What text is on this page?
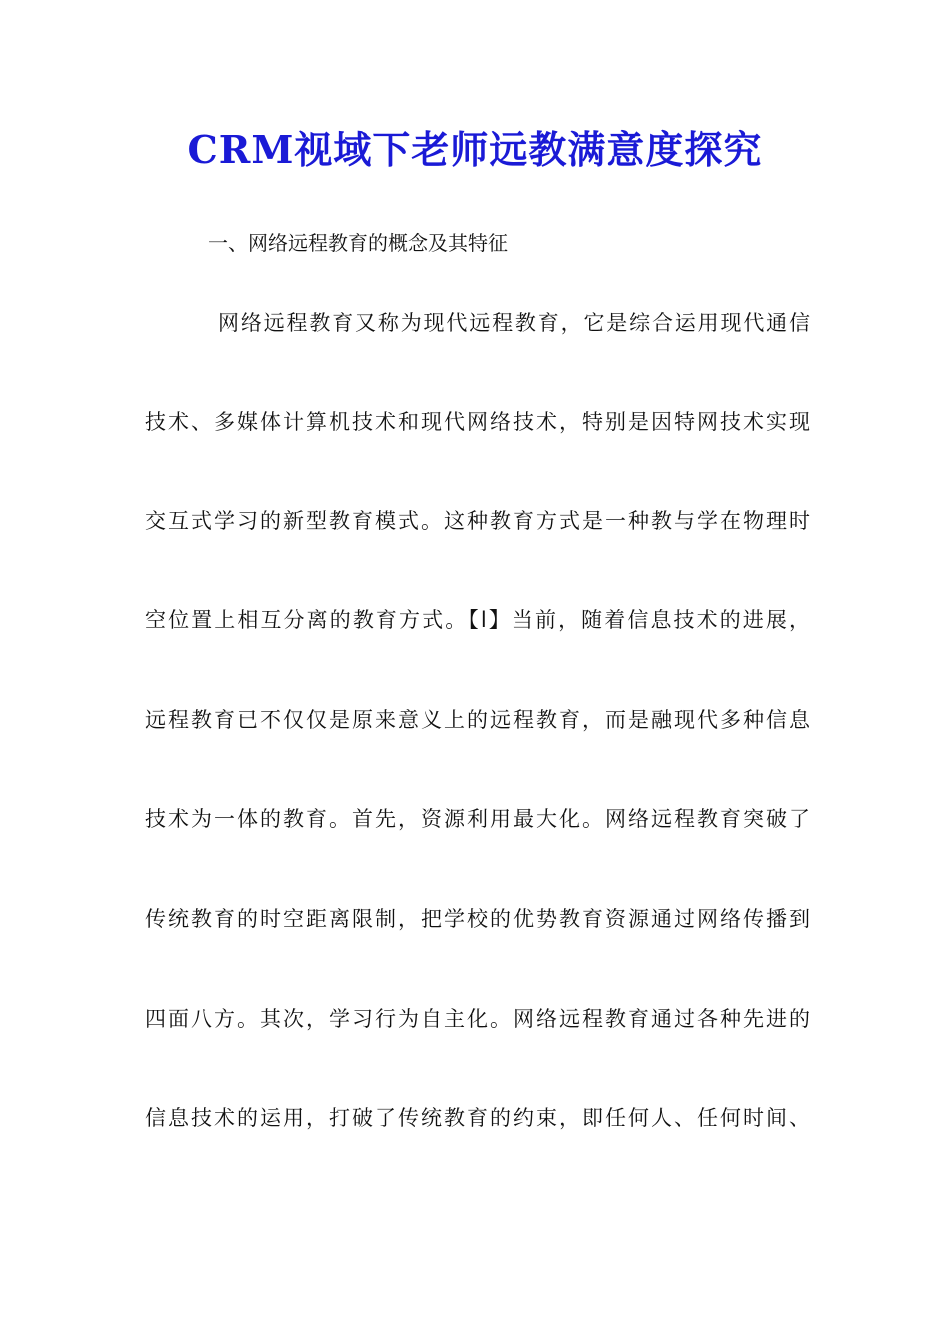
CRM视域下老师远教满意度探究
一、网络远程教育的概念及其特征
网络远程教育又称为现代远程教育，它是综合运用现代通信
技术、多媒体计算机技术和现代网络技术，特别是因特网技术实现
交互式学习的新型教育模式。这种教育方式是一种教与学在物理时
空位置上相互分离的教育方式。【l】当前，随着信息技术的进展，
远程教育已不仅仅是原来意义上的远程教育，而是融现代多种信息
技术为一体的教育。首先，资源利用最大化。网络远程教育突破了
传统教育的时空距离限制，把学校的优势教育资源通过网络传播到
四面八方。其次，学习行为自主化。网络远程教育通过各种先进的
信息技术的运用，打破了传统教育的约束，即任何人、任何时间、
